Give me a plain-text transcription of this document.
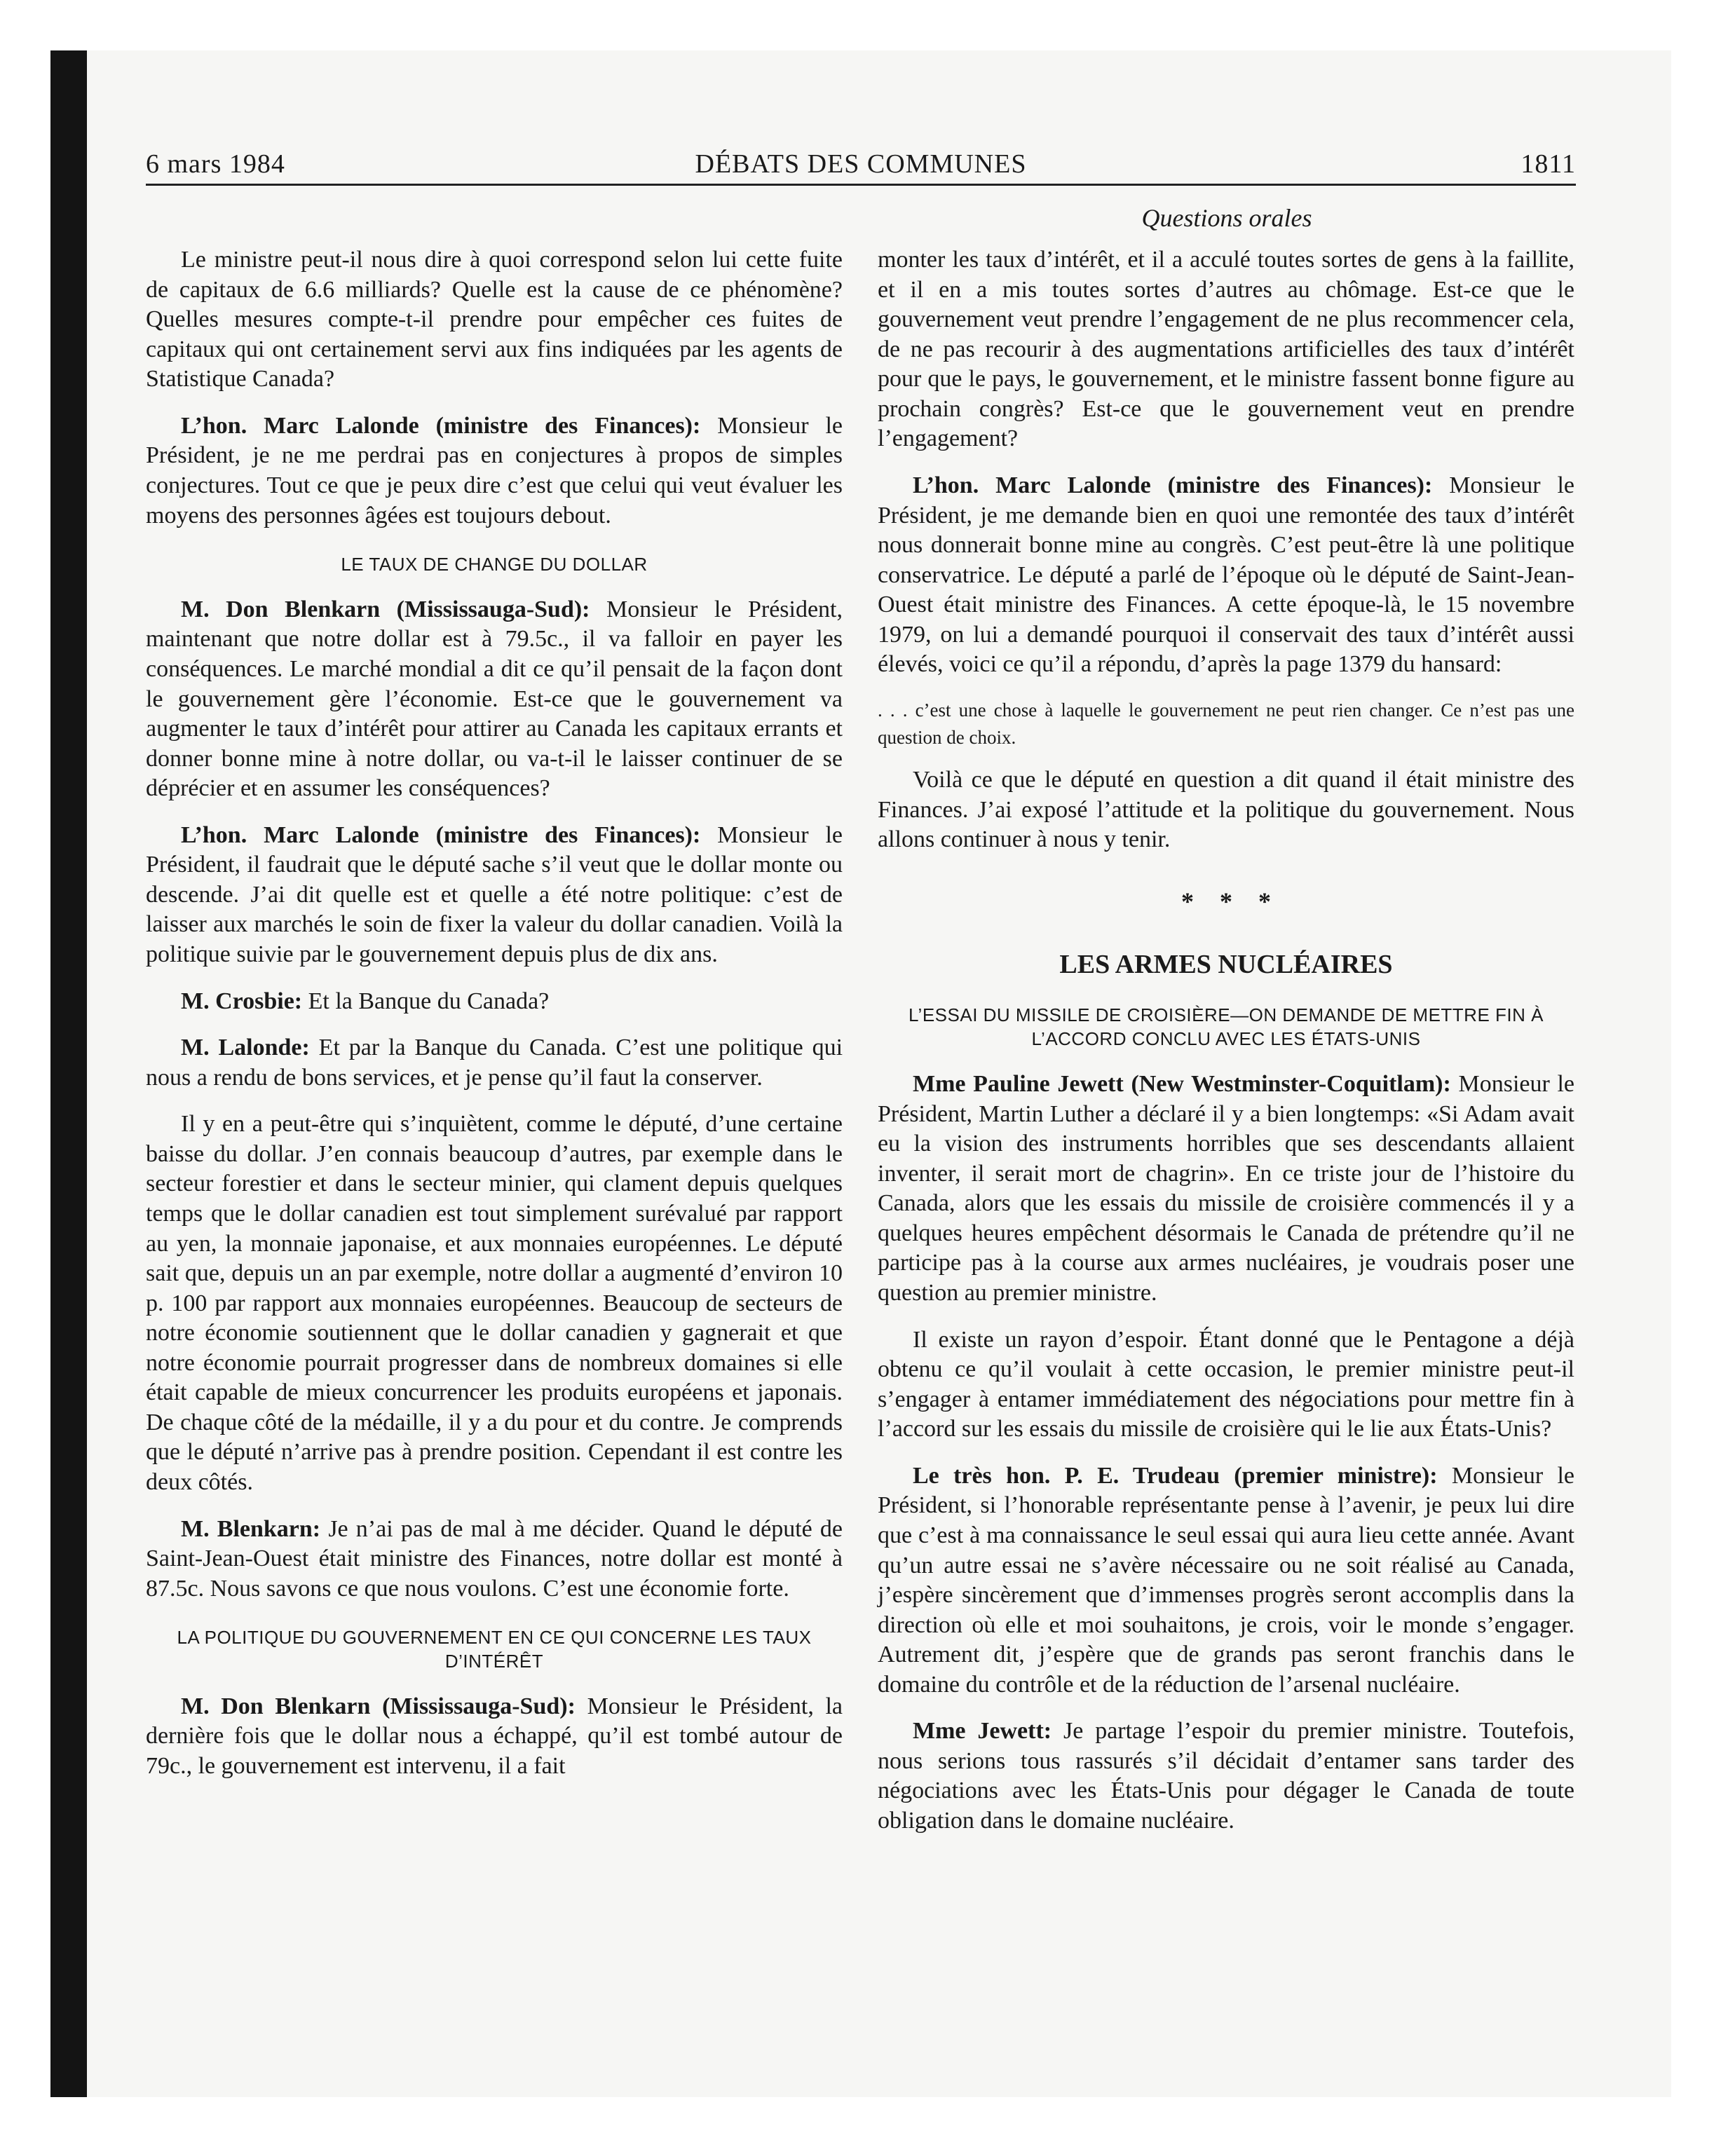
6 mars 1984	DÉBATS DES COMMUNES	1811
Questions orales

Le ministre peut-il nous dire à quoi correspond selon lui cette fuite de capitaux de 6.6 milliards? Quelle est la cause de ce phénomène? Quelles mesures compte-t-il prendre pour empêcher ces fuites de capitaux qui ont certainement servi aux fins indiquées par les agents de Statistique Canada?

L’hon. Marc Lalonde (ministre des Finances): Monsieur le Président, je ne me perdrai pas en conjectures à propos de simples conjectures. Tout ce que je peux dire c’est que celui qui veut évaluer les moyens des personnes âgées est toujours debout.

LE TAUX DE CHANGE DU DOLLAR

M. Don Blenkarn (Mississauga-Sud): Monsieur le Président, maintenant que notre dollar est à 79.5c., il va falloir en payer les conséquences. Le marché mondial a dit ce qu’il pensait de la façon dont le gouvernement gère l’économie. Est-ce que le gouvernement va augmenter le taux d’intérêt pour attirer au Canada les capitaux errants et donner bonne mine à notre dollar, ou va-t-il le laisser continuer de se déprécier et en assumer les conséquences?

L’hon. Marc Lalonde (ministre des Finances): Monsieur le Président, il faudrait que le député sache s’il veut que le dollar monte ou descende. J’ai dit quelle est et quelle a été notre politique: c’est de laisser aux marchés le soin de fixer la valeur du dollar canadien. Voilà la politique suivie par le gouvernement depuis plus de dix ans.

M. Crosbie: Et la Banque du Canada?

M. Lalonde: Et par la Banque du Canada. C’est une politique qui nous a rendu de bons services, et je pense qu’il faut la conserver.

Il y en a peut-être qui s’inquiètent, comme le député, d’une certaine baisse du dollar. J’en connais beaucoup d’autres, par exemple dans le secteur forestier et dans le secteur minier, qui clament depuis quelques temps que le dollar canadien est tout simplement surévalué par rapport au yen, la monnaie japonaise, et aux monnaies européennes. Le député sait que, depuis un an par exemple, notre dollar a augmenté d’environ 10 p. 100 par rapport aux monnaies européennes. Beaucoup de secteurs de notre économie soutiennent que le dollar canadien y gagnerait et que notre économie pourrait progresser dans de nombreux domaines si elle était capable de mieux concurrencer les produits européens et japonais. De chaque côté de la médaille, il y a du pour et du contre. Je comprends que le député n’arrive pas à prendre position. Cependant il est contre les deux côtés.

M. Blenkarn: Je n’ai pas de mal à me décider. Quand le député de Saint-Jean-Ouest était ministre des Finances, notre dollar est monté à 87.5c. Nous savons ce que nous voulons. C’est une économie forte.

LA POLITIQUE DU GOUVERNEMENT EN CE QUI CONCERNE LES TAUX D’INTÉRÊT

M. Don Blenkarn (Mississauga-Sud): Monsieur le Président, la dernière fois que le dollar nous a échappé, qu’il est tombé autour de 79c., le gouvernement est intervenu, il a fait

monter les taux d’intérêt, et il a acculé toutes sortes de gens à la faillite, et il en a mis toutes sortes d’autres au chômage. Est-ce que le gouvernement veut prendre l’engagement de ne plus recommencer cela, de ne pas recourir à des augmentations artificielles des taux d’intérêt pour que le pays, le gouvernement, et le ministre fassent bonne figure au prochain congrès? Est-ce que le gouvernement veut en prendre l’engagement?

L’hon. Marc Lalonde (ministre des Finances): Monsieur le Président, je me demande bien en quoi une remontée des taux d’intérêt nous donnerait bonne mine au congrès. C’est peut-être là une politique conservatrice. Le député a parlé de l’époque où le député de Saint-Jean-Ouest était ministre des Finances. A cette époque-là, le 15 novembre 1979, on lui a demandé pourquoi il conservait des taux d’intérêt aussi élevés, voici ce qu’il a répondu, d’après la page 1379 du hansard:

. . . c’est une chose à laquelle le gouvernement ne peut rien changer. Ce n’est pas une question de choix.

Voilà ce que le député en question a dit quand il était ministre des Finances. J’ai exposé l’attitude et la politique du gouvernement. Nous allons continuer à nous y tenir.

* * *

LES ARMES NUCLÉAIRES

L’ESSAI DU MISSILE DE CROISIÈRE—ON DEMANDE DE METTRE FIN À L’ACCORD CONCLU AVEC LES ÉTATS-UNIS

Mme Pauline Jewett (New Westminster-Coquitlam): Monsieur le Président, Martin Luther a déclaré il y a bien longtemps: «Si Adam avait eu la vision des instruments horribles que ses descendants allaient inventer, il serait mort de chagrin». En ce triste jour de l’histoire du Canada, alors que les essais du missile de croisière commencés il y a quelques heures empêchent désormais le Canada de prétendre qu’il ne participe pas à la course aux armes nucléaires, je voudrais poser une question au premier ministre.

Il existe un rayon d’espoir. Étant donné que le Pentagone a déjà obtenu ce qu’il voulait à cette occasion, le premier ministre peut-il s’engager à entamer immédiatement des négociations pour mettre fin à l’accord sur les essais du missile de croisière qui le lie aux États-Unis?

Le très hon. P. E. Trudeau (premier ministre): Monsieur le Président, si l’honorable représentante pense à l’avenir, je peux lui dire que c’est à ma connaissance le seul essai qui aura lieu cette année. Avant qu’un autre essai ne s’avère nécessaire ou ne soit réalisé au Canada, j’espère sincèrement que d’immenses progrès seront accomplis dans la direction où elle et moi souhaitons, je crois, voir le monde s’engager. Autrement dit, j’espère que de grands pas seront franchis dans le domaine du contrôle et de la réduction de l’arsenal nucléaire.

Mme Jewett: Je partage l’espoir du premier ministre. Toutefois, nous serions tous rassurés s’il décidait d’entamer sans tarder des négociations avec les États-Unis pour dégager le Canada de toute obligation dans le domaine nucléaire.
